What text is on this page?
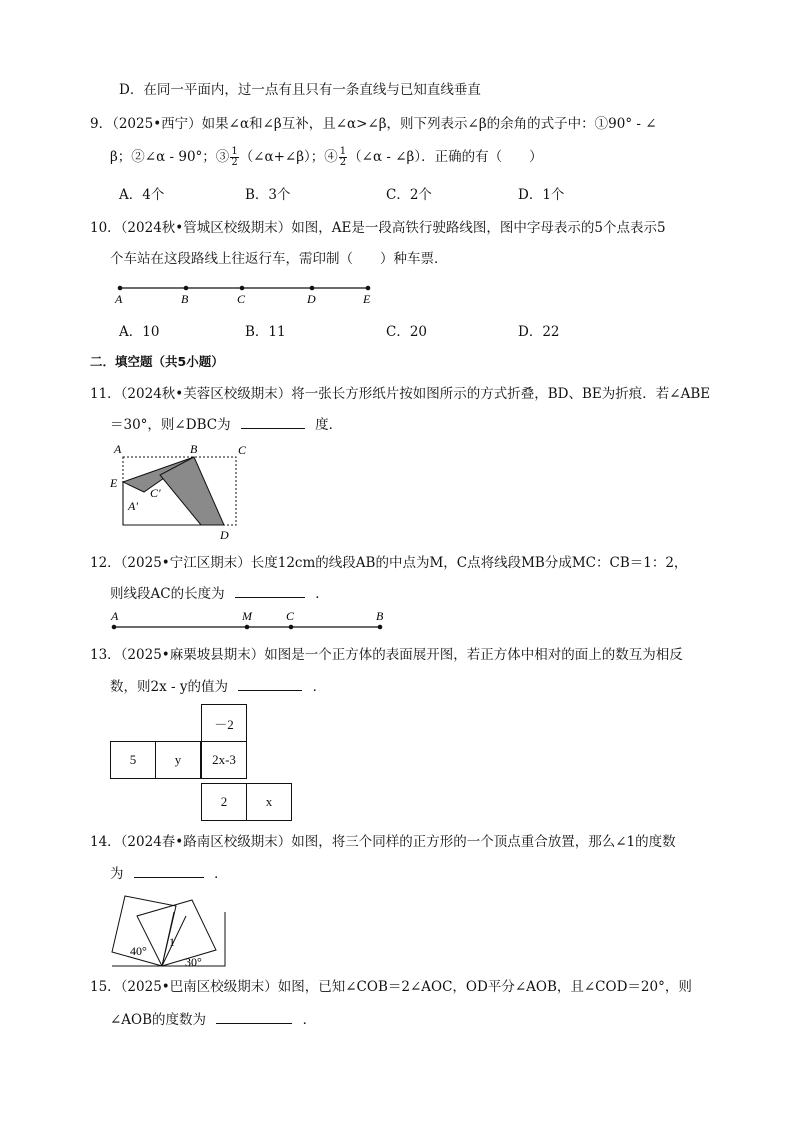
D．在同一平面内，过一点有且只有一条直线与已知直线垂直
9．（2025•西宁）如果∠α和∠β互补，且∠α>∠β，则下列表示∠β的余角的式子中：①90° - ∠
β；②∠α - 90°；③ $\frac{1}{2}$ （∠α+∠β）；④ $\frac{1}{2}$ （∠α - ∠β）．正确的有（　　）
A．4个	B．3个	C．2个	D．1个
10．（2024秋•管城区校级期末）如图，AE是一段高铁行驶路线图，图中字母表示的5个点表示5
个车站在这段路线上往返行车，需印制（　　）种车票．
A	B	C	D	E
A．10	B．11	C．20	D．22
二．填空题（共5小题）
11．（2024秋•芙蓉区校级期末）将一张长方形纸片按如图所示的方式折叠，BD、BE为折痕．若∠ABE
＝30°，则∠DBC为	度．
A	B	C
E
C'
A'
D
12．（2025•宁江区期末）长度12cm的线段AB的中点为M，C点将线段MB分成MC：CB＝1：2，
则线段AC的长度为	．
A	M	C	B
13．（2025•麻栗坡县期末）如图是一个正方体的表面展开图，若正方体中相对的面上的数互为相反
数，则2x - y的值为	．
－2
5	y	2x-3
2	x
14．（2024春•路南区校级期末）如图，将三个同样的正方形的一个顶点重合放置，那么∠1的度数
为	．
40°
1
30°
15．（2025•巴南区校级期末）如图，已知∠COB＝2∠AOC，OD平分∠AOB，且∠COD＝20°，则
∠AOB的度数为	．
